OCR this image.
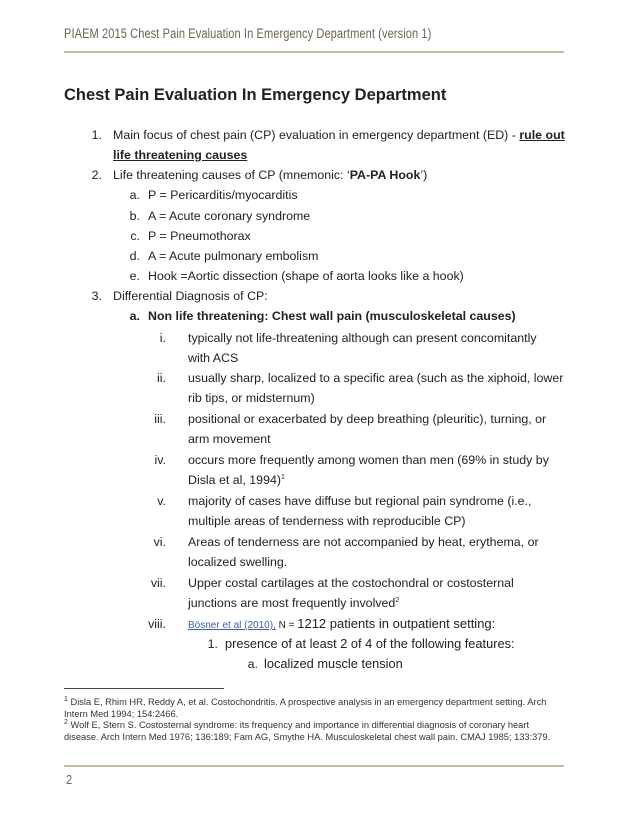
PIAEM 2015 Chest Pain Evaluation In Emergency Department (version 1)
Chest Pain Evaluation In Emergency Department
1. Main focus of chest pain (CP) evaluation in emergency department (ED) - rule out
life threatening causes
2. Life threatening causes of CP (mnemonic: ‘PA-PA Hook’)
a. P = Pericarditis/myocarditis
b. A = Acute coronary syndrome
c. P = Pneumothorax
d. A = Acute pulmonary embolism
e. Hook =Aortic dissection (shape of aorta looks like a hook)
3. Differential Diagnosis of CP:
a. Non life threatening: Chest wall pain (musculoskeletal causes)
i. typically not life-threatening although can present concomitantly
with ACS
ii. usually sharp, localized to a specific area (such as the xiphoid, lower
rib tips, or midsternum)
iii. positional or exacerbated by deep breathing (pleuritic), turning, or
arm movement
iv. occurs more frequently among women than men (69% in study by
Disla et al, 1994)$^1$
v. majority of cases have diffuse but regional pain syndrome (i.e.,
multiple areas of tenderness with reproducible CP)
vi. Areas of tenderness are not accompanied by heat, erythema, or
localized swelling.
vii. Upper costal cartilages at the costochondral or costosternal
junctions are most frequently involved$^2$
viii. Bösner et al (2010), N = 1212 patients in outpatient setting:
1. presence of at least 2 of 4 of the following features:
a. localized muscle tension
$^1$ Disla E, Rhim HR, Reddy A, et al. Costochondritis. A prospective analysis in an emergency department setting. Arch Intern Med 1994; 154:2466.
$^2$ Wolf E, Stern S. Costosternal syndrome: its frequency and importance in differential diagnosis of coronary heart disease. Arch Intern Med 1976; 136:189; Fam AG, Smythe HA. Musculoskeletal chest wall pain. CMAJ 1985; 133:379.
2
